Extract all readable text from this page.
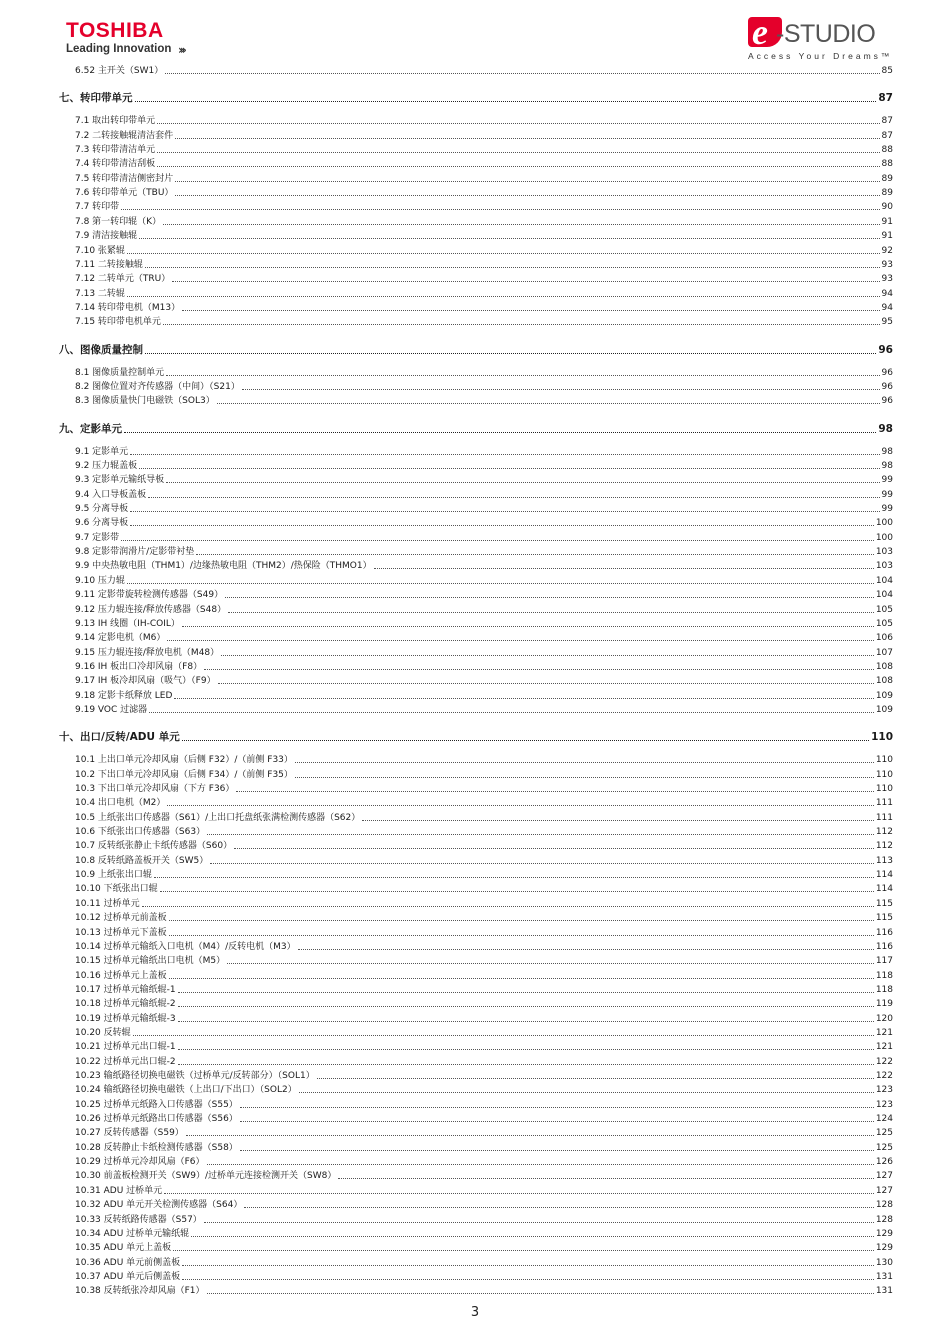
TOSHIBA
Leading Innovation ›››	e -STUDIO
Access Your Dreams™
6.52 主开关（SW1）	85
七、转印带单元	87
7.1 取出转印带单元	87
7.2 二转接触辊清洁套件	87
7.3 转印带清洁单元	88
7.4 转印带清洁刮板	88
7.5 转印带清洁侧密封片	89
7.6 转印带单元（TBU）	89
7.7 转印带	90
7.8 第一转印辊（K）	91
7.9 清洁接触辊	91
7.10 张紧辊	92
7.11 二转接触辊	93
7.12 二转单元（TRU）	93
7.13 二转辊	94
7.14 转印带电机（M13）	94
7.15 转印带电机单元	95
八、图像质量控制	96
8.1 图像质量控制单元	96
8.2 图像位置对齐传感器（中间）（S21）	96
8.3 图像质量快门电磁铁（SOL3）	96
九、定影单元	98
9.1 定影单元	98
9.2 压力辊盖板	98
9.3 定影单元输纸导板	99
9.4 入口导板盖板	99
9.5 分离导板	99
9.6 分离导板	100
9.7 定影带	100
9.8 定影带润滑片/定影带衬垫	103
9.9 中央热敏电阻（THM1）/边缘热敏电阻（THM2）/热保险（THMO1）	103
9.10 压力辊	104
9.11 定影带旋转检测传感器（S49）	104
9.12 压力辊连接/释放传感器（S48）	105
9.13 IH 线圈（IH-COIL）	105
9.14 定影电机（M6）	106
9.15 压力辊连接/释放电机（M48）	107
9.16 IH 板出口冷却风扇（F8）	108
9.17 IH 板冷却风扇（吸气）（F9）	108
9.18 定影卡纸释放 LED	109
9.19 VOC 过滤器	109
十、出口/反转/ADU 单元	110
10.1 上出口单元冷却风扇（后侧 F32）/（前侧 F33）	110
10.2 下出口单元冷却风扇（后侧 F34）/（前侧 F35）	110
10.3 下出口单元冷却风扇（下方 F36）	110
10.4 出口电机（M2）	111
10.5 上纸张出口传感器（S61）/上出口托盘纸张满检测传感器（S62）	111
10.6 下纸张出口传感器（S63）	112
10.7 反转纸张静止卡纸传感器（S60）	112
10.8 反转纸路盖板开关（SW5）	113
10.9 上纸张出口辊	114
10.10 下纸张出口辊	114
10.11 过桥单元	115
10.12 过桥单元前盖板	115
10.13 过桥单元下盖板	116
10.14 过桥单元输纸入口电机（M4）/反转电机（M3）	116
10.15 过桥单元输纸出口电机（M5）	117
10.16 过桥单元上盖板	118
10.17 过桥单元输纸辊-1	118
10.18 过桥单元输纸辊-2	119
10.19 过桥单元输纸辊-3	120
10.20 反转辊	121
10.21 过桥单元出口辊-1	121
10.22 过桥单元出口辊-2	122
10.23 输纸路径切换电磁铁（过桥单元/反转部分）（SOL1）	122
10.24 输纸路径切换电磁铁（上出口/下出口）（SOL2）	123
10.25 过桥单元纸路入口传感器（S55）	123
10.26 过桥单元纸路出口传感器（S56）	124
10.27 反转传感器（S59）	125
10.28 反转静止卡纸检测传感器（S58）	125
10.29 过桥单元冷却风扇（F6）	126
10.30 前盖板检测开关（SW9）/过桥单元连接检测开关（SW8）	127
10.31 ADU 过桥单元	127
10.32 ADU 单元开关检测传感器（S64）	128
10.33 反转纸路传感器（S57）	128
10.34 ADU 过桥单元输纸辊	129
10.35 ADU 单元上盖板	129
10.36 ADU 单元前侧盖板	130
10.37 ADU 单元后侧盖板	131
10.38 反转纸张冷却风扇（F1）	131
3
